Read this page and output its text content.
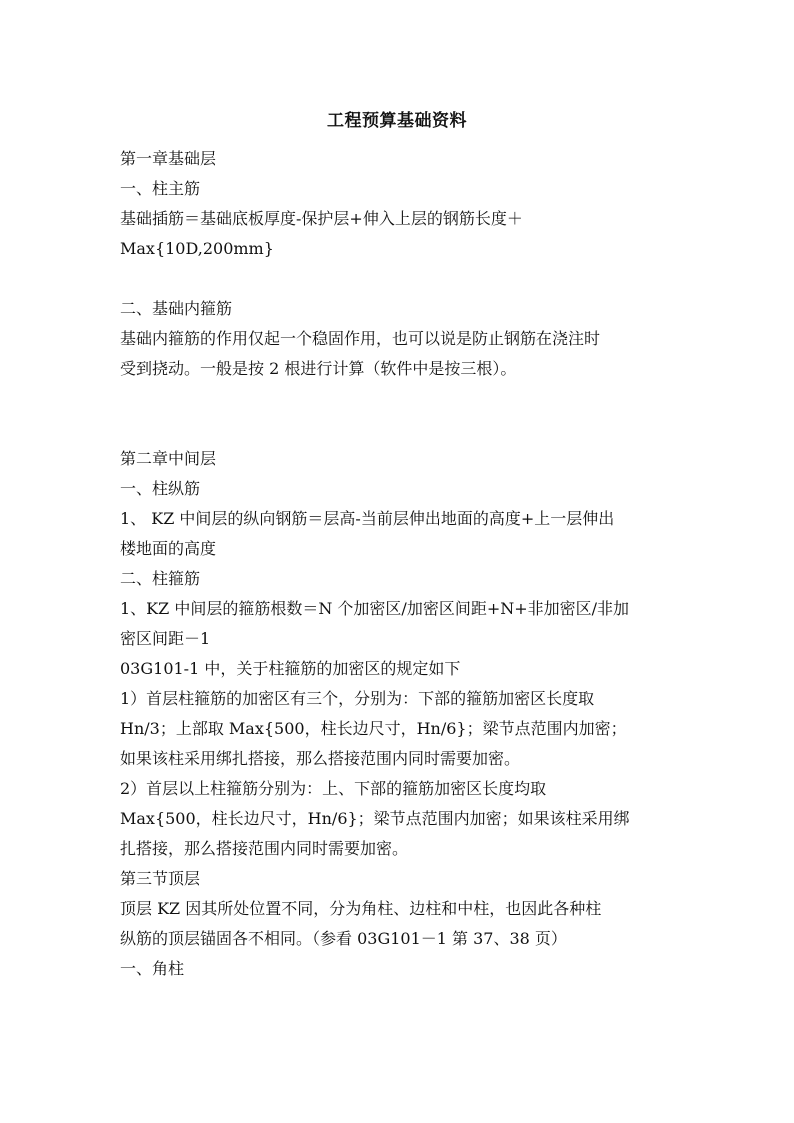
工程预算基础资料
第一章基础层
一、柱主筋
基础插筋＝基础底板厚度-保护层+伸入上层的钢筋长度＋
Max{10D,200mm}
二、基础内箍筋
基础内箍筋的作用仅起一个稳固作用，也可以说是防止钢筋在浇注时
受到挠动。一般是按 2 根进行计算（软件中是按三根）。
第二章中间层
一、柱纵筋
1、 KZ 中间层的纵向钢筋＝层高-当前层伸出地面的高度+上一层伸出
楼地面的高度
二、柱箍筋
1、KZ 中间层的箍筋根数＝N 个加密区/加密区间距+N+非加密区/非加
密区间距－1
03G101-1 中，关于柱箍筋的加密区的规定如下
1）首层柱箍筋的加密区有三个，分别为：下部的箍筋加密区长度取
Hn/3；上部取 Max{500，柱长边尺寸，Hn/6}；梁节点范围内加密；
如果该柱采用绑扎搭接，那么搭接范围内同时需要加密。
2）首层以上柱箍筋分别为：上、下部的箍筋加密区长度均取
Max{500，柱长边尺寸，Hn/6}；梁节点范围内加密；如果该柱采用绑
扎搭接，那么搭接范围内同时需要加密。
第三节顶层
顶层 KZ 因其所处位置不同，分为角柱、边柱和中柱，也因此各种柱
纵筋的顶层锚固各不相同。（参看 03G101－1 第 37、38 页）
一、角柱
